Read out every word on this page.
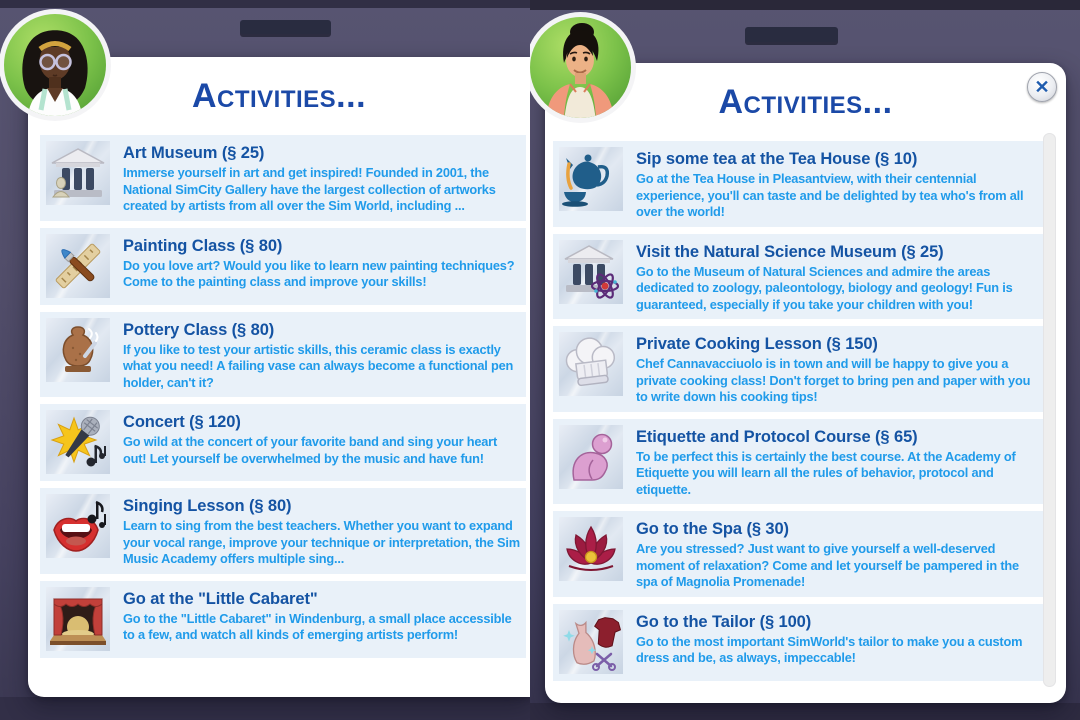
Activities...
Art Museum (§ 25)
Immerse yourself in art and get inspired! Founded in 2001, the National SimCity Gallery have the largest collection of artworks created by artists from all over the Sim World, including ...
Painting Class (§ 80)
Do you love art? Would you like to learn new painting techniques? Come to the painting class and improve your skills!
Pottery Class (§ 80)
If you like to test your artistic skills, this ceramic class is exactly what you need! A failing vase can always become a functional pen holder, can't it?
Concert (§ 120)
Go wild at the concert of your favorite band and sing your heart out! Let yourself be overwhelmed by the music and have fun!
Singing Lesson (§ 80)
Learn to sing from the best teachers. Whether you want to expand your vocal range, improve your technique or interpretation, the Sim Music Academy offers multiple sing...
Go at the "Little Cabaret"
Go to the "Little Cabaret" in Windenburg, a small place accessible to a few, and watch all kinds of emerging artists perform!
✕
Activities...
Sip some tea at the Tea House (§ 10)
Go at the Tea House in Pleasantview, with their centennial experience, you'll can taste and be delighted by tea who's from all over the world!
Visit the Natural Science Museum (§ 25)
Go to the Museum of Natural Sciences and admire the areas dedicated to zoology, paleontology, biology and geology! Fun is guaranteed, especially if you take your children with you!
Private Cooking Lesson (§ 150)
Chef Cannavacciuolo is in town and will be happy to give you a private cooking class! Don't forget to bring pen and paper with you to write down his cooking tips!
Etiquette and Protocol Course (§ 65)
To be perfect this is certainly the best course. At the Academy of Etiquette you will learn all the rules of behavior, protocol and etiquette.
Go to the Spa (§ 30)
Are you stressed? Just want to give yourself a well-deserved moment of relaxation? Come and let yourself be pampered in the spa of Magnolia Promenade!
Go to the Tailor (§ 100)
Go to the most important SimWorld's tailor to make you a custom dress and be, as always, impeccable!
